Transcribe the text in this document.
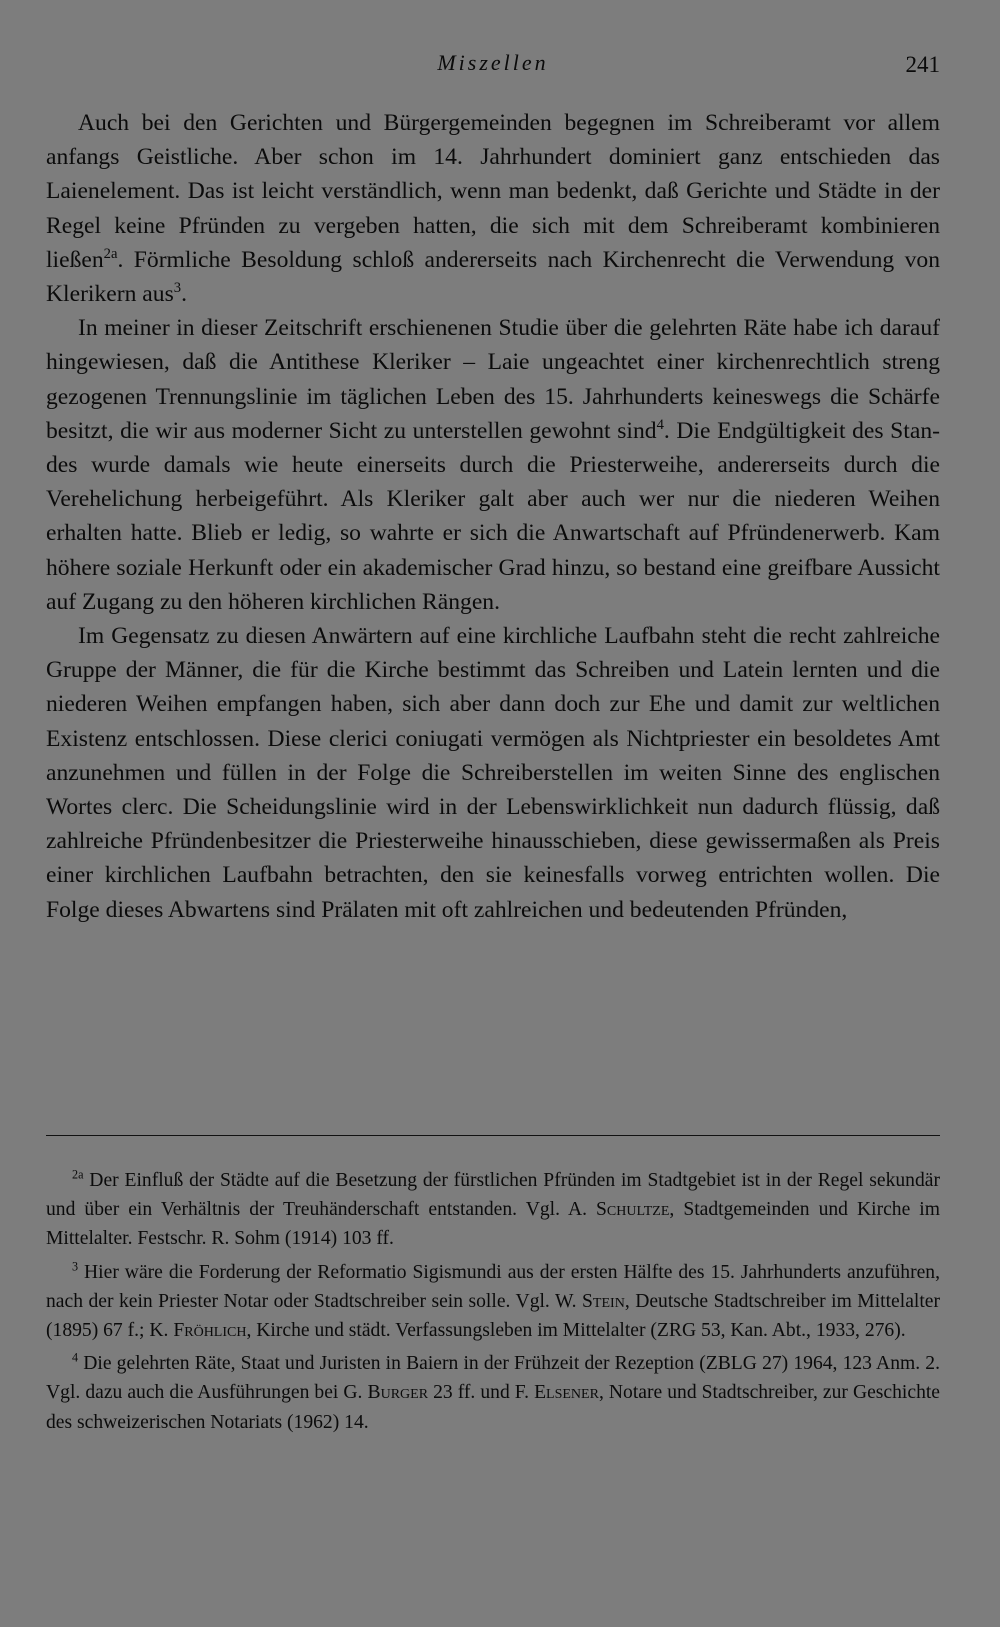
Miszellen	241

Auch bei den Gerichten und Bürgergemeinden begegnen im Schreiberamt vor allem anfangs Geistliche. Aber schon im 14. Jahrhundert dominiert ganz entschieden das Laienelement. Das ist leicht verständlich, wenn man bedenkt, daß Gerichte und Städte in der Regel keine Pfründen zu vergeben hatten, die sich mit dem Schreiberamt kombinieren ließen$^{2a}$. Förmliche Besoldung schloß andererseits nach Kirchenrecht die Verwendung von Klerikern aus$^3$.

In meiner in dieser Zeitschrift erschienenen Studie über die gelehrten Räte habe ich darauf hingewiesen, daß die Antithese Kleriker – Laie ungeachtet einer kirchenrechtlich streng gezogenen Trennungslinie im täglichen Leben des 15. Jahrhunderts keineswegs die Schärfe besitzt, die wir aus moderner Sicht zu unterstellen gewohnt sind$^4$. Die Endgültigkeit des Standes wurde damals wie heute einerseits durch die Priesterweihe, andererseits durch die Verehelichung herbeigeführt. Als Kleriker galt aber auch wer nur die niederen Weihen erhalten hatte. Blieb er ledig, so wahrte er sich die Anwartschaft auf Pfründenerwerb. Kam höhere soziale Herkunft oder ein akademischer Grad hinzu, so bestand eine greifbare Aussicht auf Zugang zu den höheren kirchlichen Rängen.

Im Gegensatz zu diesen Anwärtern auf eine kirchliche Laufbahn steht die recht zahlreiche Gruppe der Männer, die für die Kirche bestimmt das Schreiben und Latein lernten und die niederen Weihen empfangen haben, sich aber dann doch zur Ehe und damit zur weltlichen Existenz entschlossen. Diese clerici coniugati vermögen als Nichtpriester ein besoldetes Amt anzunehmen und füllen in der Folge die Schreiberstellen im weiten Sinne des englischen Wortes clerc. Die Scheidungslinie wird in der Lebenswirklichkeit nun dadurch flüssig, daß zahlreiche Pfründenbesitzer die Priesterweihe hinausschieben, diese gewissermaßen als Preis einer kirchlichen Laufbahn betrachten, den sie keinesfalls vorweg entrichten wollen. Die Folge dieses Abwartens sind Prälaten mit oft zahlreichen und bedeutenden Pfründen,

$^{2a}$ Der Einfluß der Städte auf die Besetzung der fürstlichen Pfründen im Stadtgebiet ist in der Regel sekundär und über ein Verhältnis der Treuhänderschaft entstanden. Vgl. A. Schultze, Stadtgemeinden und Kirche im Mittelalter. Festschr. R. Sohm (1914) 103 ff.

$^3$ Hier wäre die Forderung der Reformatio Sigismundi aus der ersten Hälfte des 15. Jahrhunderts anzuführen, nach der kein Priester Notar oder Stadtschreiber sein solle. Vgl. W. Stein, Deutsche Stadtschreiber im Mittelalter (1895) 67 f.; K. Fröhlich, Kirche und städt. Verfassungsleben im Mittelalter (ZRG 53, Kan. Abt., 1933, 276).

$^4$ Die gelehrten Räte, Staat und Juristen in Baiern in der Frühzeit der Rezeption (ZBLG 27) 1964, 123 Anm. 2. Vgl. dazu auch die Ausführungen bei G. Burger 23 ff. und F. Elsener, Notare und Stadtschreiber, zur Geschichte des schweizerischen Notariats (1962) 14.
